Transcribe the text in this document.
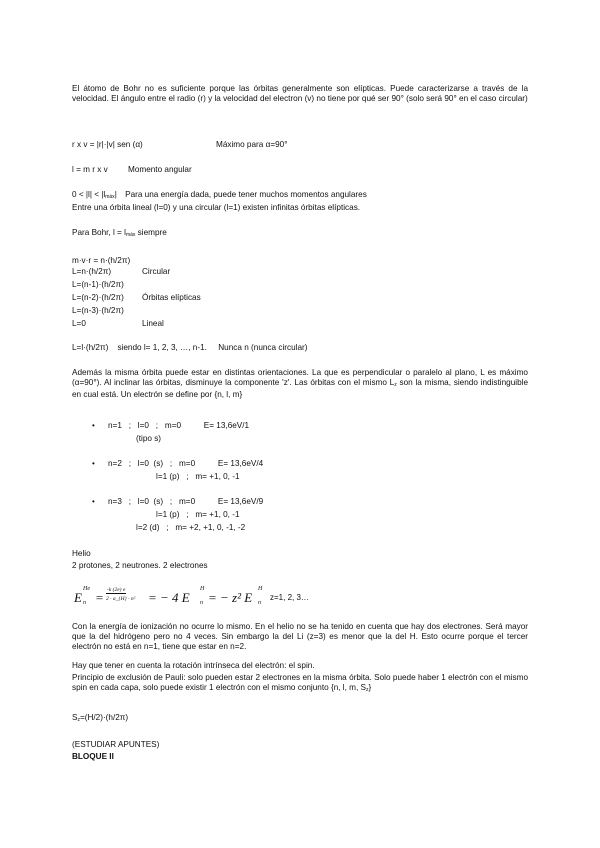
El átomo de Bohr no es suficiente porque las órbitas generalmente son elípticas. Puede caracterizarse a través de la velocidad. El ángulo entre el radio (r) y la velocidad del electron (v) no tiene por qué ser 90° (solo será 90° en el caso circular)
r x v = |r|·|v| sen (α)	Máximo para α=90°
l = m r x v Momento angular
$0 < |l| < |l_{máx}|$ Para una energía dada, puede tener muchos momentos angulares
Entre una órbita lineal (l=0) y una circular (l=1) existen infinitas órbitas elípticas.
Para Bohr, $l = l_{máx}$ siempre
m·v·r = n·(h/2π)
L=n·(h/2π)	Circular
L=(n-1)·(h/2π)
L=(n-2)·(h/2π) Órbitas elípticas
L=(n-3)·(h/2π)
L=0	Lineal
L=l·(h/2π)    siendo l= 1, 2, 3, …, n-1.     Nunca n (nunca circular)
Además la misma órbita puede estar en distintas orientaciones. La que es perpendicular o paralelo al plano, L es máximo (α=90°). Al inclinar las órbitas, disminuye la componente 'z'. Las órbitas con el mismo $L_z$ son la misma, siendo indistinguible en cual está. Un electrón se define por {n, l, m}
• n=1   ;   l=0   ;   m=0          E= 13,6eV/1
(tipo s)
• n=2   ;   l=0  (s)   ;   m=0          E= 13,6eV/4
l=1 (p)   ;   m= +1, 0, -1
• n=3   ;   l=0  (s)   ;   m=0          E= 13,6eV/9
l=1 (p)   ;   m= +1, 0, -1
l=2 (d)   ;   m= +2, +1, 0, -1, -2
Helio
2 protones, 2 neutrones. 2 electrones
E
He
n = -k (2e) e
2 · a_{H} · n² = − 4 E
H
n = − z² E
H
n
z=1, 2, 3…
Con la energía de ionización no ocurre lo mismo. En el helio no se ha tenido en cuenta que hay dos electrones. Será mayor que la del hidrógeno pero no 4 veces. Sin embargo la del Li (z=3) es menor que la del H. Esto ocurre porque el tercer electrón no está en n=1, tiene que estar en n=2.
Hay que tener en cuenta la rotación intrínseca del electrón: el spin.
Principio de exclusión de Pauli: solo pueden estar 2 electrones en la misma órbita. Solo puede haber 1 electrón con el mismo spin en cada capa, solo puede existir 1 electrón con el mismo conjunto {n, l, m, $S_z$}
$S_z=(H/2)\cdot(h/2\pi)$
(ESTUDIAR APUNTES)
BLOQUE II
